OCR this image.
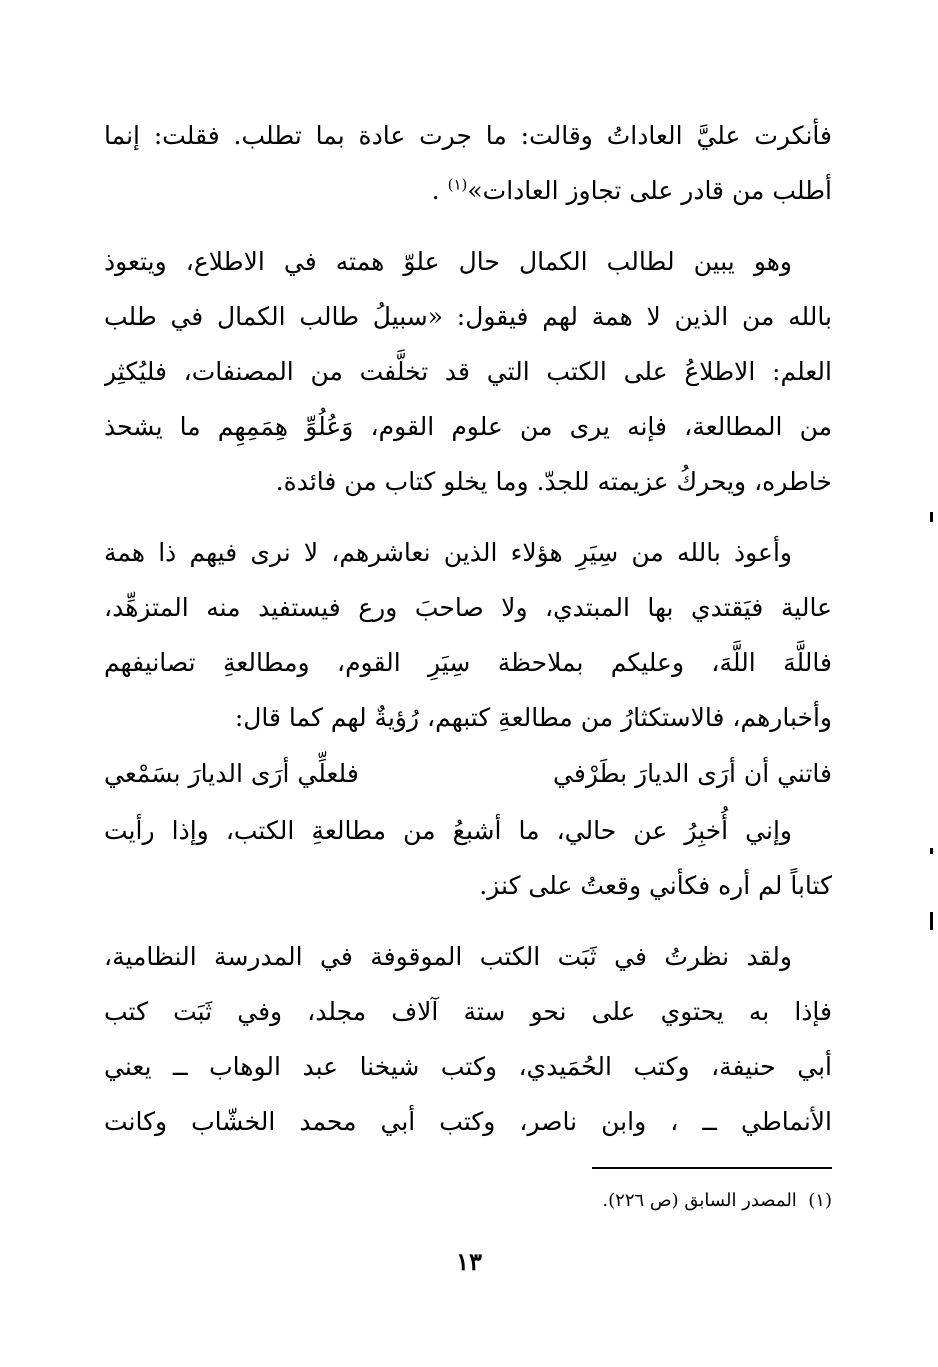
فأنكرت عليَّ العاداتُ وقالت: ما جرت عادة بما تطلب. فقلت: إنما
أطلب من قادر على تجاوز العادات»$^{(١)}$ .
وهو يبين لطالب الكمال حال علوّ همته في الاطلاع، ويتعوذ
بالله من الذين لا همة لهم فيقول: «سبيلُ طالب الكمال في طلب
العلم: الاطلاعُ على الكتب التي قد تخلَّفت من المصنفات، فليُكثِر
من المطالعة، فإنه يرى من علوم القوم، وَعُلُوِّ هِمَمِهِم ما يشحذ
خاطره، ويحركُ عزيمته للجدّ. وما يخلو كتاب من فائدة.
وأعوذ بالله من سِيَرِ هؤلاء الذين نعاشرهم، لا نرى فيهم ذا همة
عالية فيَقتدي بها المبتدي، ولا صاحبَ ورع فيستفيد منه المتزهِّد،
فاللَّهَ اللَّهَ، وعليكم بملاحظة سِيَرِ القوم، ومطالعةِ تصانيفهم
وأخبارهم، فالاستكثارُ من مطالعةِ كتبهم، رُؤيةٌ لهم كما قال:
فاتني أن أرَى الديارَ بطَرْفي
فلعلِّي أرَى الديارَ بسَمْعي
وإني أُخبِرُ عن حالي، ما أشبعُ من مطالعةِ الكتب، وإذا رأيت
كتاباً لم أره فكأني وقعتُ على كنز.
ولقد نظرتُ في ثَبَت الكتب الموقوفة في المدرسة النظامية،
فإذا به يحتوي على نحو ستة آلاف مجلد، وفي ثَبَت كتب
أبي حنيفة، وكتب الحُمَيدي، وكتب شيخنا عبد الوهاب ــ يعني
الأنماطي ــ ، وابن ناصر، وكتب أبي محمد الخشّاب وكانت
(١)  المصدر السابق (ص ٢٢٦).
١٣
